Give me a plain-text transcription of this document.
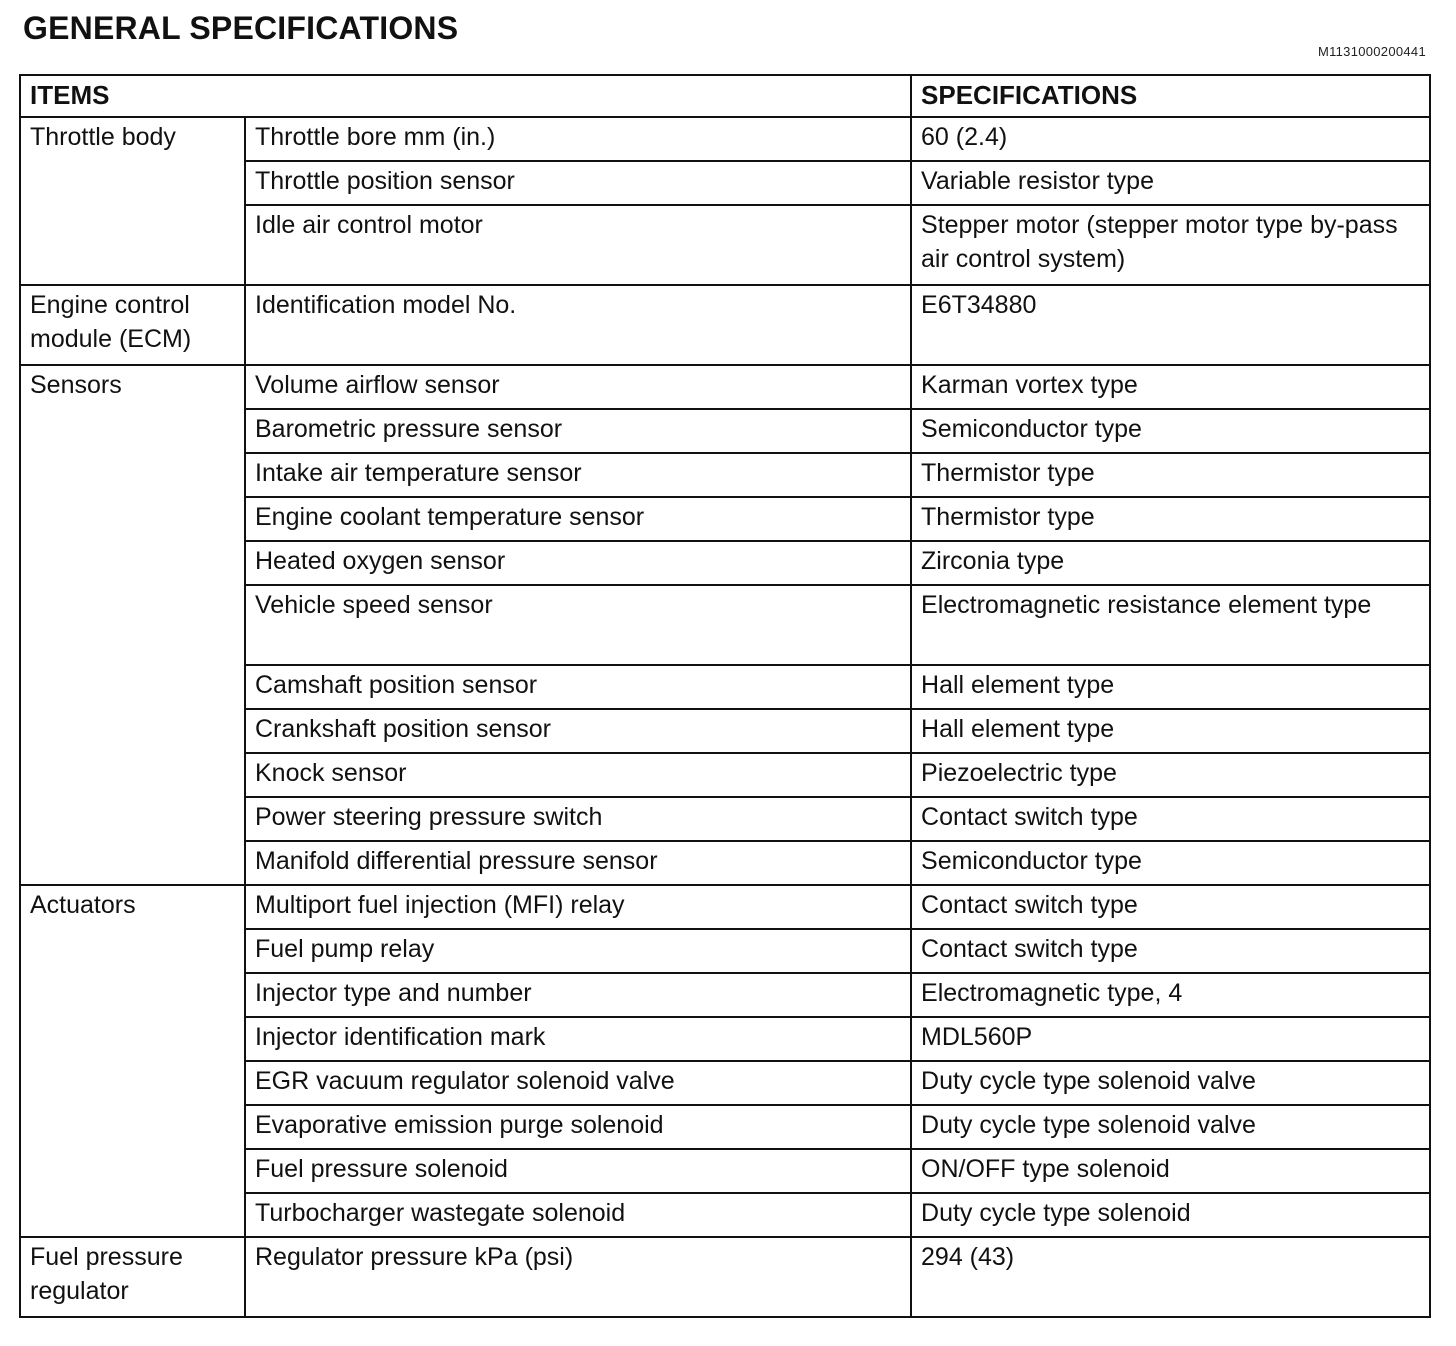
GENERAL SPECIFICATIONS
M1131000200441
ITEMS		SPECIFICATIONS
Throttle body	Throttle bore mm (in.)	60 (2.4)
	Throttle position sensor	Variable resistor type
	Idle air control motor	Stepper motor (stepper motor type by-pass air control system)
Engine control module (ECM)	Identification model No.	E6T34880
Sensors	Volume airflow sensor	Karman vortex type
	Barometric pressure sensor	Semiconductor type
	Intake air temperature sensor	Thermistor type
	Engine coolant temperature sensor	Thermistor type
	Heated oxygen sensor	Zirconia type
	Vehicle speed sensor	Electromagnetic resistance element type
	Camshaft position sensor	Hall element type
	Crankshaft position sensor	Hall element type
	Knock sensor	Piezoelectric type
	Power steering pressure switch	Contact switch type
	Manifold differential pressure sensor	Semiconductor type
Actuators	Multiport fuel injection (MFI) relay	Contact switch type
	Fuel pump relay	Contact switch type
	Injector type and number	Electromagnetic type, 4
	Injector identification mark	MDL560P
	EGR vacuum regulator solenoid valve	Duty cycle type solenoid valve
	Evaporative emission purge solenoid	Duty cycle type solenoid valve
	Fuel pressure solenoid	ON/OFF type solenoid
	Turbocharger wastegate solenoid	Duty cycle type solenoid
Fuel pressure regulator	Regulator pressure kPa (psi)	294 (43)
